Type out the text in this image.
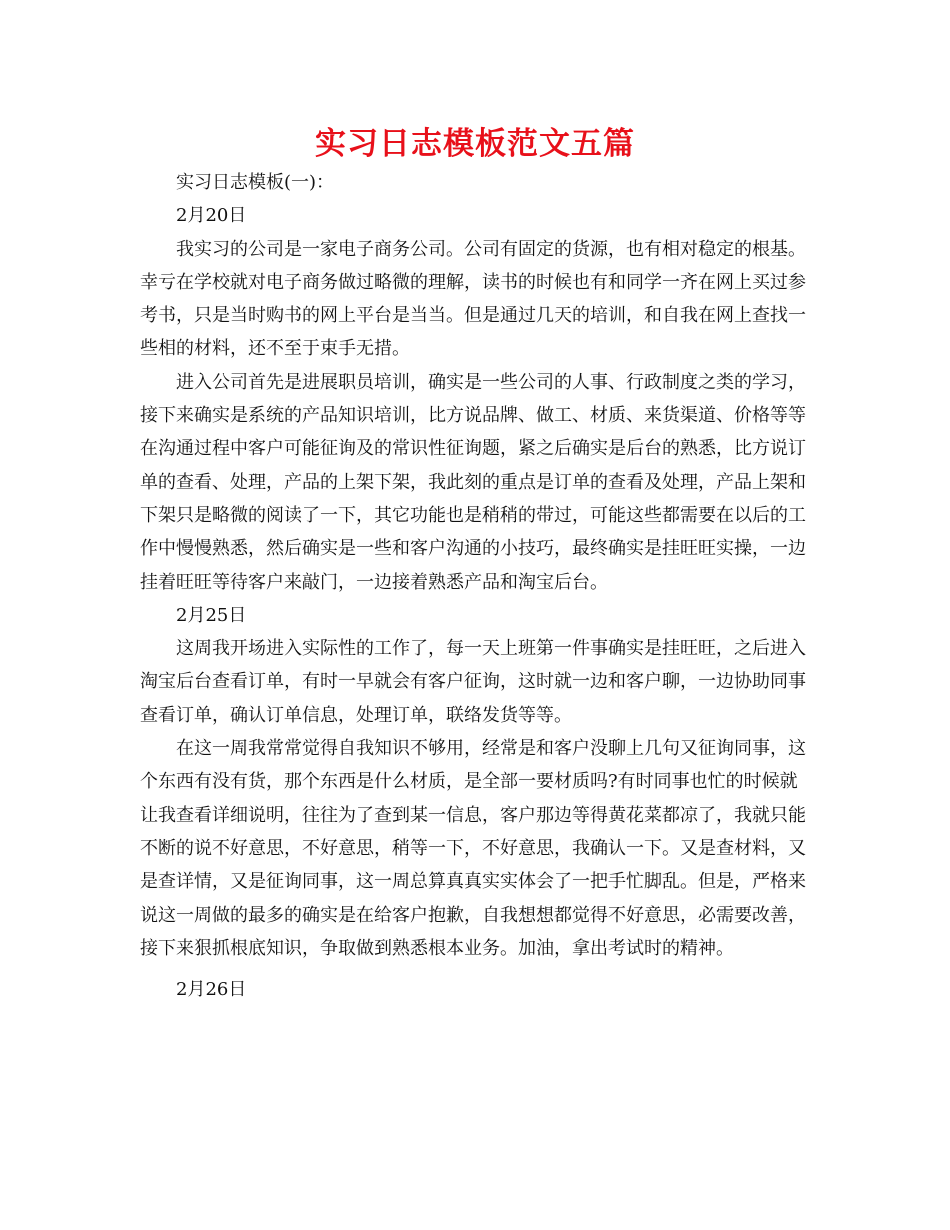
实习日志模板范文五篇

实习日志模板(一)：

2月20日

我实习的公司是一家电子商务公司。公司有固定的货源，也有相对稳定的根基。幸亏在学校就对电子商务做过略微的理解，读书的时候也有和同学一齐在网上买过参考书，只是当时购书的网上平台是当当。但是通过几天的培训，和自我在网上查找一些相的材料，还不至于束手无措。

进入公司首先是进展职员培训，确实是一些公司的人事、行政制度之类的学习，接下来确实是系统的产品知识培训，比方说品牌、做工、材质、来货渠道、价格等等在沟通过程中客户可能征询及的常识性征询题，紧之后确实是后台的熟悉，比方说订单的查看、处理，产品的上架下架，我此刻的重点是订单的查看及处理，产品上架和下架只是略微的阅读了一下，其它功能也是稍稍的带过，可能这些都需要在以后的工作中慢慢熟悉，然后确实是一些和客户沟通的小技巧，最终确实是挂旺旺实操，一边挂着旺旺等待客户来敲门，一边接着熟悉产品和淘宝后台。

2月25日

这周我开场进入实际性的工作了，每一天上班第一件事确实是挂旺旺，之后进入淘宝后台查看订单，有时一早就会有客户征询，这时就一边和客户聊，一边协助同事查看订单，确认订单信息，处理订单，联络发货等等。

在这一周我常常觉得自我知识不够用，经常是和客户没聊上几句又征询同事，这个东西有没有货，那个东西是什么材质，是全部一要材质吗?有时同事也忙的时候就让我查看详细说明，往往为了查到某一信息，客户那边等得黄花菜都凉了，我就只能不断的说不好意思，不好意思，稍等一下，不好意思，我确认一下。又是查材料，又是查详情，又是征询同事，这一周总算真真实实体会了一把手忙脚乱。但是，严格来说这一周做的最多的确实是在给客户抱歉，自我想想都觉得不好意思，必需要改善，接下来狠抓根底知识，争取做到熟悉根本业务。加油，拿出考试时的精神。

2月26日
